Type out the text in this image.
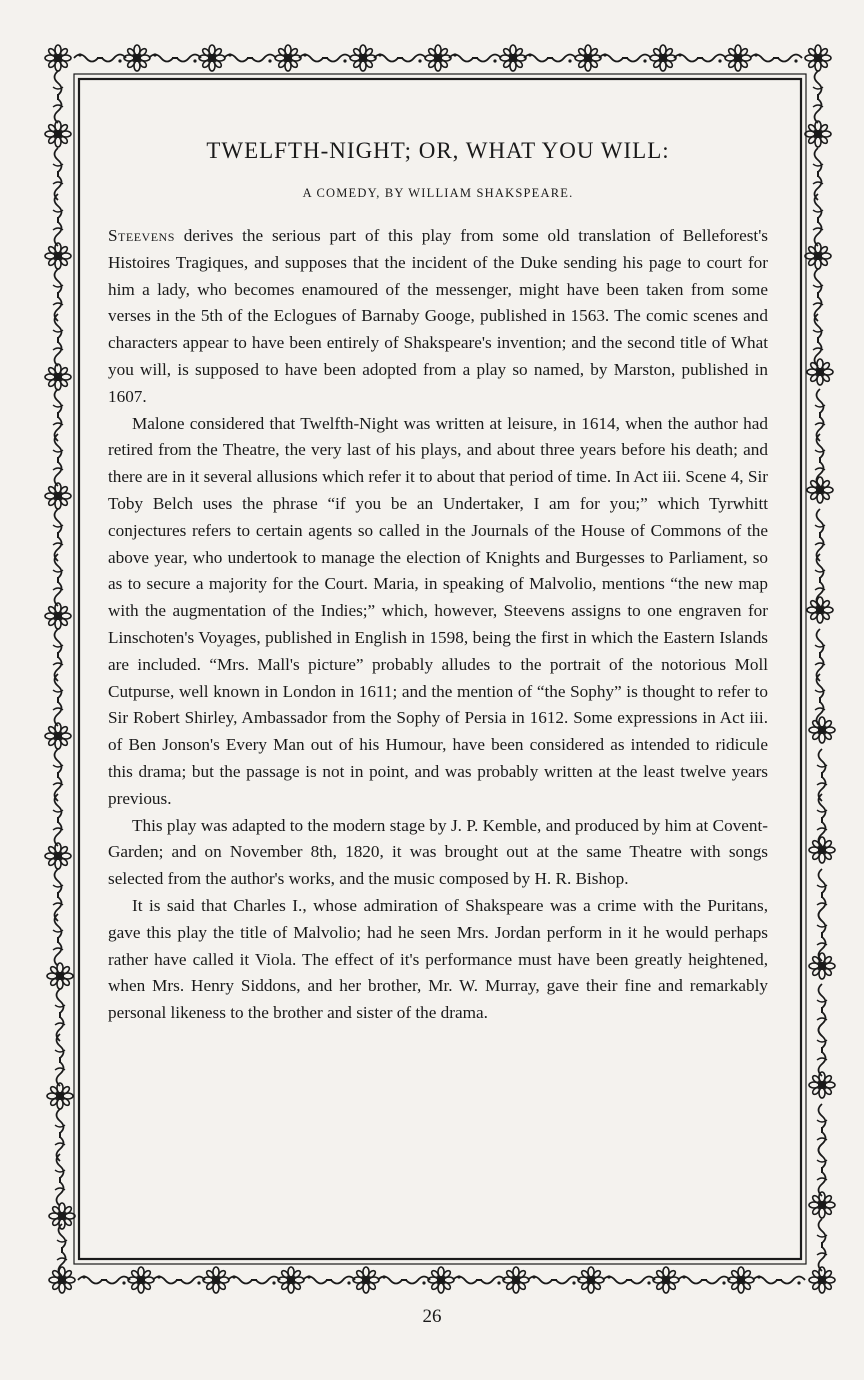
TWELFTH-NIGHT; OR, WHAT YOU WILL:
A COMEDY, BY WILLIAM SHAKSPEARE.

Steevens derives the serious part of this play from some old translation of Belleforest's Histoires Tragiques, and supposes that the incident of the Duke sending his page to court for him a lady, who becomes enamoured of the messenger, might have been taken from some verses in the 5th of the Eclogues of Barnaby Googe, published in 1563. The comic scenes and characters appear to have been entirely of Shakspeare's invention; and the second title of What you will, is supposed to have been adopted from a play so named, by Marston, published in 1607.

Malone considered that Twelfth-Night was written at leisure, in 1614, when the author had retired from the Theatre, the very last of his plays, and about three years before his death; and there are in it several allusions which refer it to about that period of time. In Act iii. Scene 4, Sir Toby Belch uses the phrase “if you be an Undertaker, I am for you;” which Tyrwhitt conjectures refers to certain agents so called in the Journals of the House of Commons of the above year, who undertook to manage the election of Knights and Burgesses to Parliament, so as to secure a majority for the Court. Maria, in speaking of Malvolio, mentions “the new map with the augmentation of the Indies;” which, however, Steevens assigns to one engraven for Linschoten's Voyages, published in English in 1598, being the first in which the Eastern Islands are included. “Mrs. Mall's picture” probably alludes to the portrait of the notorious Moll Cutpurse, well known in London in 1611; and the mention of “the Sophy” is thought to refer to Sir Robert Shirley, Ambassador from the Sophy of Persia in 1612. Some expressions in Act iii. of Ben Jonson's Every Man out of his Humour, have been considered as intended to ridicule this drama; but the passage is not in point, and was probably written at the least twelve years previous.

This play was adapted to the modern stage by J. P. Kemble, and produced by him at Covent-Garden; and on November 8th, 1820, it was brought out at the same Theatre with songs selected from the author's works, and the music composed by H. R. Bishop.

It is said that Charles I., whose admiration of Shakspeare was a crime with the Puritans, gave this play the title of Malvolio; had he seen Mrs. Jordan perform in it he would perhaps rather have called it Viola. The effect of it's performance must have been greatly heightened, when Mrs. Henry Siddons, and her brother, Mr. W. Murray, gave their fine and remarkably personal likeness to the brother and sister of the drama.

26
